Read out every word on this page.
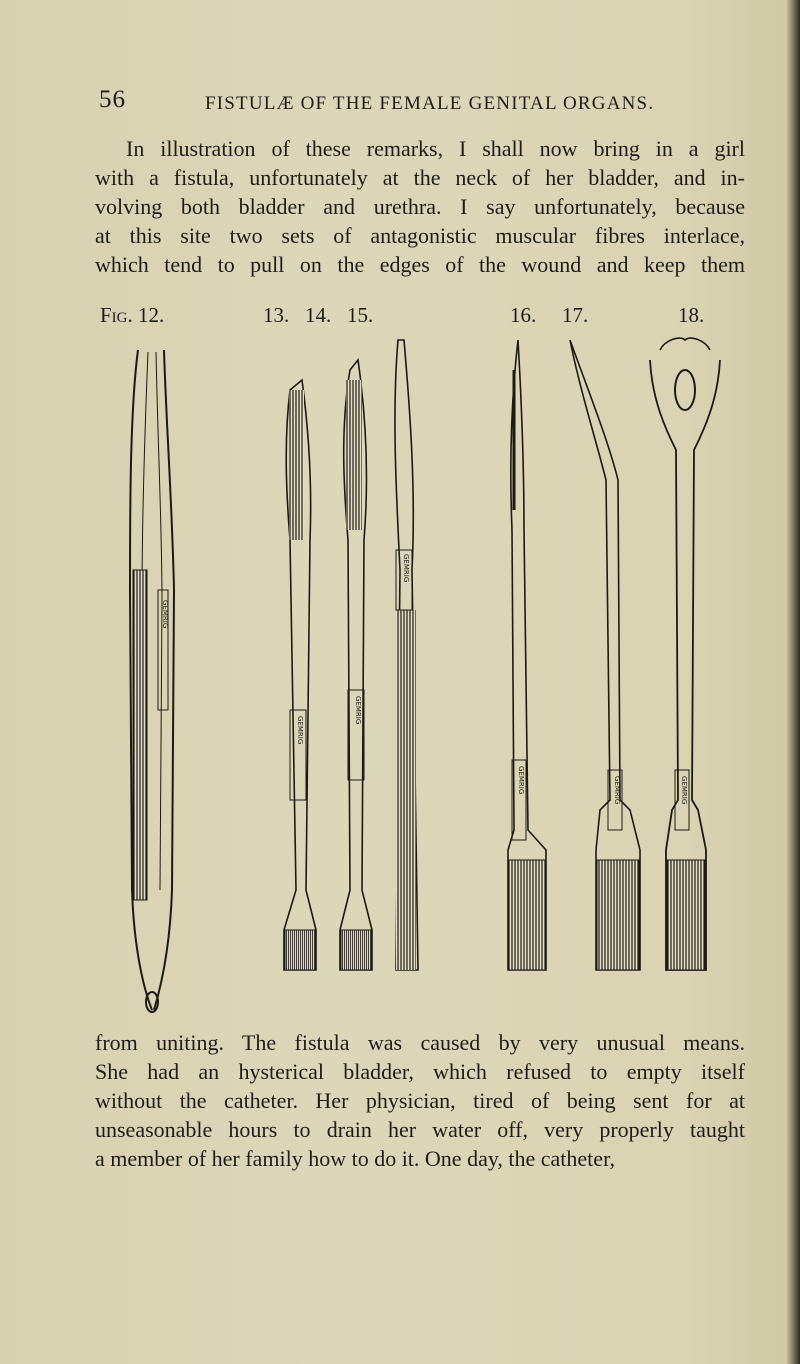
56	FISTULÆ OF THE FEMALE GENITAL ORGANS.
In illustration of these remarks, I shall now bring in a girl
with a fistula, unfortunately at the neck of her bladder, and in-
volving both bladder and urethra. I say unfortunately, because
at this site two sets of antagonistic muscular fibres interlace,
which tend to pull on the edges of the wound and keep them
Fig. 12.	13. 14. 15.	16. 17.	18.
GEMRIG
GEMRIG
GEMRIG
GEMRIG
GEMRIG	GEMRIG	GEMRIG
from uniting. The fistula was caused by very unusual means.
She had an hysterical bladder, which refused to empty itself
without the catheter. Her physician, tired of being sent for at
unseasonable hours to drain her water off, very properly taught
a member of her family how to do it. One day, the catheter,
